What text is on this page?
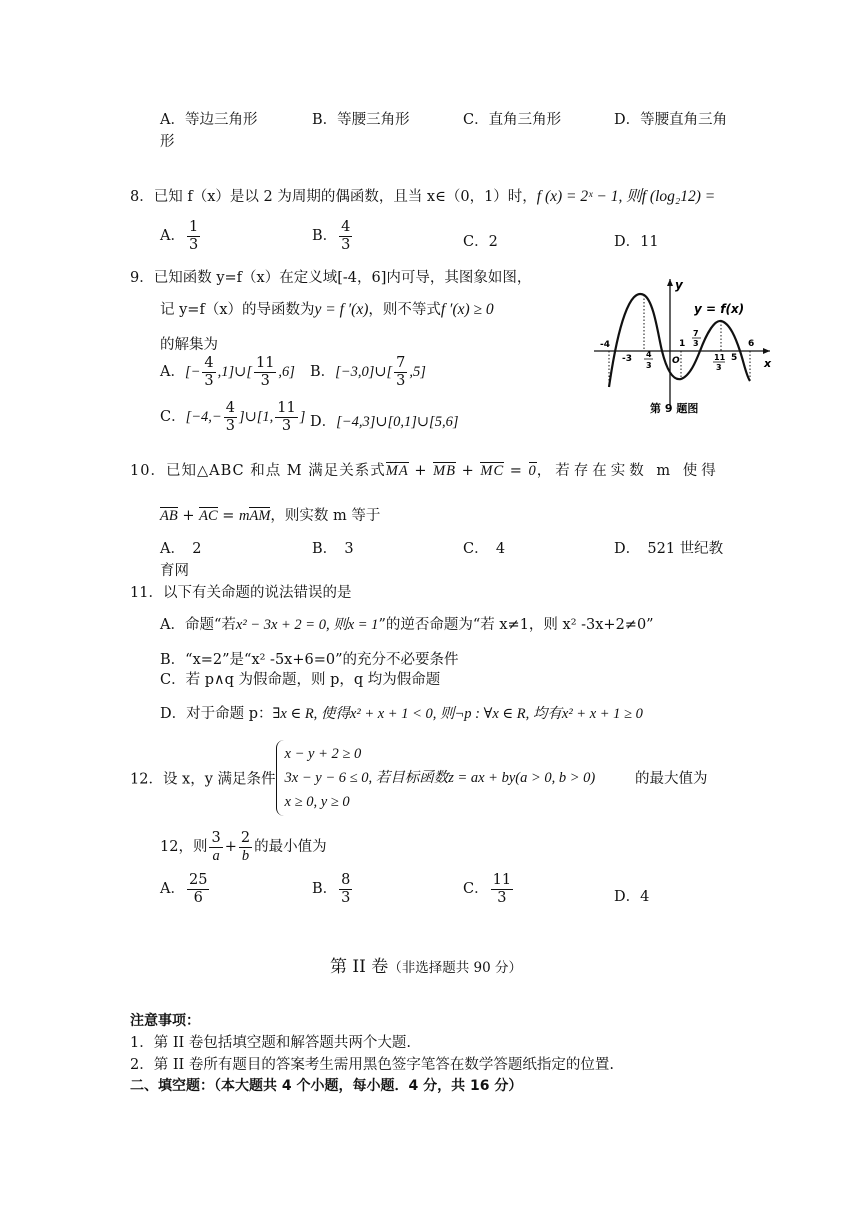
A．等边三角形	B．等腰三角形	C．直角三角形	D．等腰直角三角
形
8．已知 f（x）是以 2 为周期的偶函数，且当 x∈（0，1）时，f (x) = 2ˣ − 1, 则f (log₂12) =
A． $\frac{1}{3}$	B． $\frac{4}{3}$	C．2	D．11
9．已知函数 y=f（x）在定义域[-4，6]内可导，其图象如图，
记 y=f（x）的导函数为y = f ′(x)，则不等式f ′(x) ≥ 0
的解集为
A．[− $\frac{4}{3}$ ,1]∪[ $\frac{11}{3} ,6$] B．[−3,0]∪[ $\frac{7}{3} ,5$]
C．[$-4,- \frac{4}{3}$ ]∪[1, $\frac{11}{3}$ ] D．[−4,3]∪[0,1]∪[5,6]
y = f(x)
y
x
O
-4
-3 4
3
1
7
3	6
11
3
5
第 9 题图
10．已知△ABC 和点 M 满足关系式MA + MB + MC = 0，若存在实数 m 使得
AB + AC = mAM，则实数 m 等于
A．　2	B．　3	C．　4	D．　521 世纪教
育网
11．以下有关命题的说法错误的是
A．命题“若x² − 3x + 2 = 0, 则x = 1”的逆否命题为“若 x≠1，则 x² -3x+2≠0”
B．“x=2”是“x² -5x+6=0”的充分不必要条件
C．若 p∧q 为假命题，则 p，q 均为假命题
D．对于命题 p：∃x ∈ R, 使得x² + x + 1 < 0, 则¬p : ∀x ∈ R, 均有x² + x + 1 ≥ 0
12．设 x，y 满足条件
x − y + 2 ≥ 0
3x − y − 6 ≤ 0, 若目标函数z = ax + by(a > 0, b > 0)
x ≥ 0, y ≥ 0
的最大值为
12，则 $\frac{3}{a} + \frac{2}{b}$ 的最小值为
A． $\frac{25}{6}$	B． $\frac{8}{3}$	C． $\frac{11}{3}$	D．4
第 II 卷（非选择题共 90 分）
注意事项：
1．第 II 卷包括填空题和解答题共两个大题.
2．第 II 卷所有题目的答案考生需用黑色签字笔答在数学答题纸指定的位置.
二、填空题：（本大题共 4 个小题，每小题．4 分，共 16 分）
